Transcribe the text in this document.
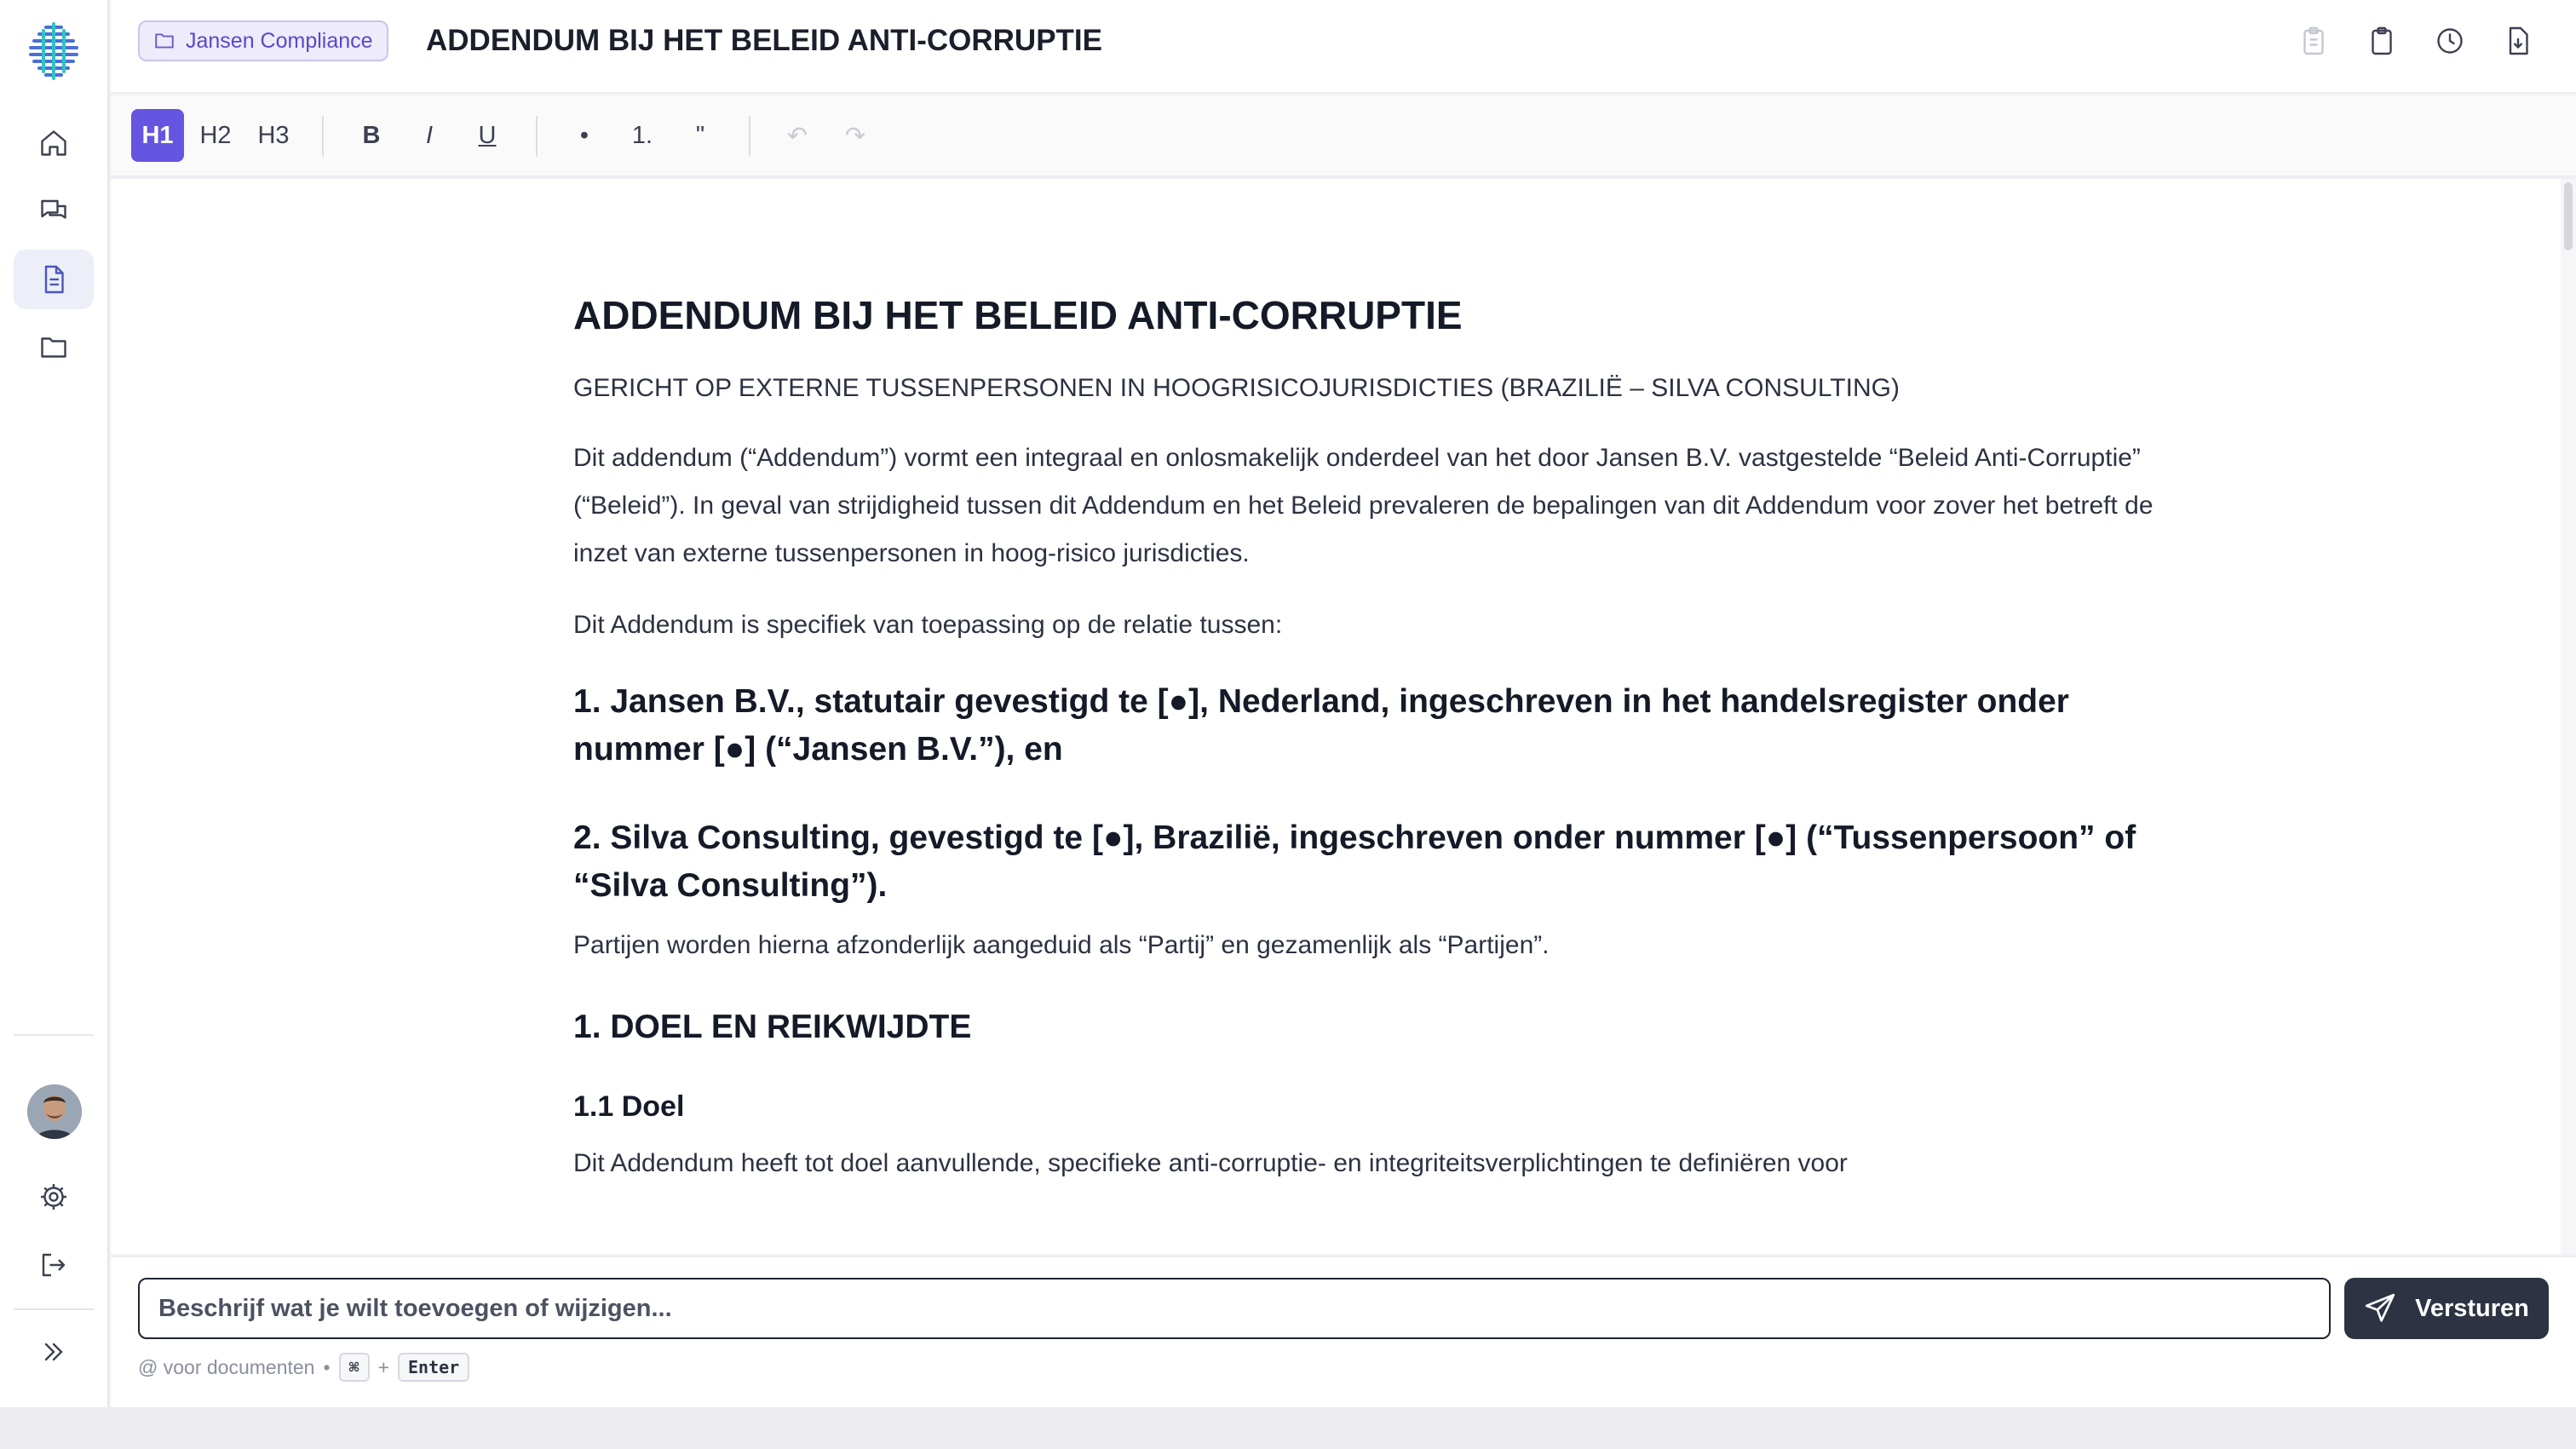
Jansen Compliance ADDENDUM BIJ HET BELEID ANTI-CORRUPTIE
H1	H2	H3	B	I	U	•	1.	"	↶	↷
ADDENDUM BIJ HET BELEID ANTI-CORRUPTIE
GERICHT OP EXTERNE TUSSENPERSONEN IN HOOGRISICOJURISDICTIES (BRAZILIË – SILVA CONSULTING)

Dit addendum (“Addendum”) vormt een integraal en onlosmakelijk onderdeel van het door Jansen B.V. vastgestelde “Beleid Anti-Corruptie” (“Beleid”). In geval van strijdigheid tussen dit Addendum en het Beleid prevaleren de bepalingen van dit Addendum voor zover het betreft de inzet van externe tussenpersonen in hoog-risico jurisdicties.

Dit Addendum is specifiek van toepassing op de relatie tussen:

1. Jansen B.V., statutair gevestigd te [●], Nederland, ingeschreven in het handelsregister onder nummer [●] (“Jansen B.V.”), en
2. Silva Consulting, gevestigd te [●], Brazilië, ingeschreven onder nummer [●] (“Tussenpersoon” of “Silva Consulting”).

Partijen worden hierna afzonderlijk aangeduid als “Partij” en gezamenlijk als “Partijen”.

1. DOEL EN REIKWIJDTE
1.1 Doel

Dit Addendum heeft tot doel aanvullende, specifieke anti-corruptie- en integriteitsverplichtingen te definiëren voor

Beschrijf wat je wilt toevoegen of wijzigen...
Versturen
@ voor documenten •	⌘ +	Enter
